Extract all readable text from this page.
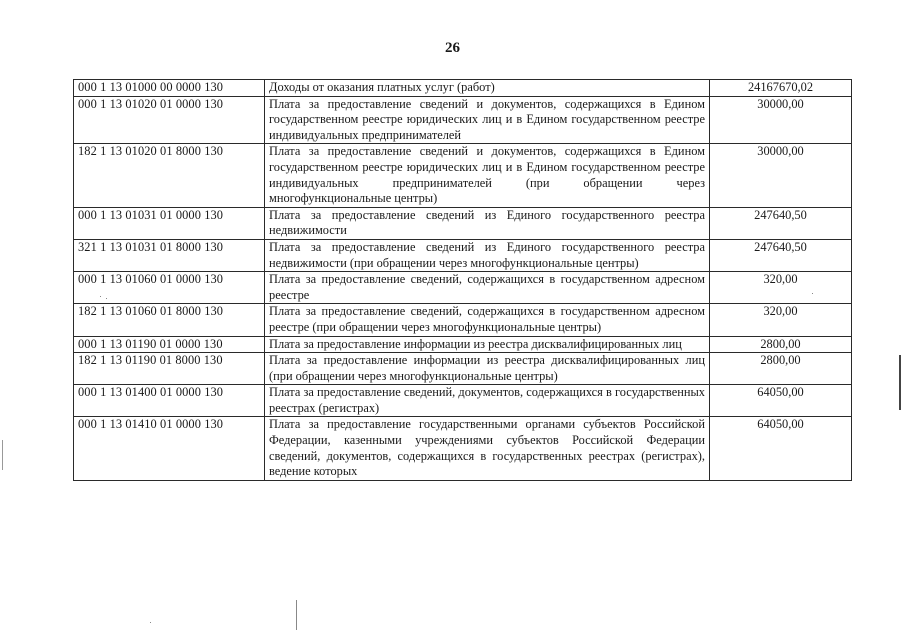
26
000 1 13 01000 00 0000 130	Доходы от оказания платных услуг (работ)	24167670,02
000 1 13 01020 01 0000 130	Плата за предоставление сведений и документов, содержащихся в Едином государственном реестре юридических лиц и в Едином государственном реестре индивидуальных предпринимателей	30000,00
182 1 13 01020 01 8000 130	Плата за предоставление сведений и документов, содержащихся в Едином государственном реестре юридических лиц и в Едином государственном реестре индивидуальных предпринимателей (при обращении через многофункциональные центры)	30000,00
000 1 13 01031 01 0000 130	Плата за предоставление сведений из Единого государственного реестра недвижимости	247640,50
321 1 13 01031 01 8000 130	Плата за предоставление сведений из Единого государственного реестра недвижимости (при обращении через многофункциональные центры)	247640,50
000 1 13 01060 01 0000 130	Плата за предоставление сведений, содержащихся в государственном адресном реестре	320,00
182 1 13 01060 01 8000 130	Плата за предоставление сведений, содержащихся в государственном адресном реестре (при обращении через многофункциональные центры)	320,00
000 1 13 01190 01 0000 130	Плата за предоставление информации из реестра дисквалифицированных лиц	2800,00
182 1 13 01190 01 8000 130	Плата за предоставление информации из реестра дисквалифицированных лиц (при обращении через многофункциональные центры)	2800,00
000 1 13 01400 01 0000 130	Плата за предоставление сведений, документов, содержащихся в государственных реестрах (регистрах)	64050,00
000 1 13 01410 01 0000 130	Плата за предоставление государственными органами субъектов Российской Федерации, казенными учреждениями субъектов Российской Федерации сведений, документов, содержащихся в государственных реестрах (регистрах), ведение которых	64050,00
